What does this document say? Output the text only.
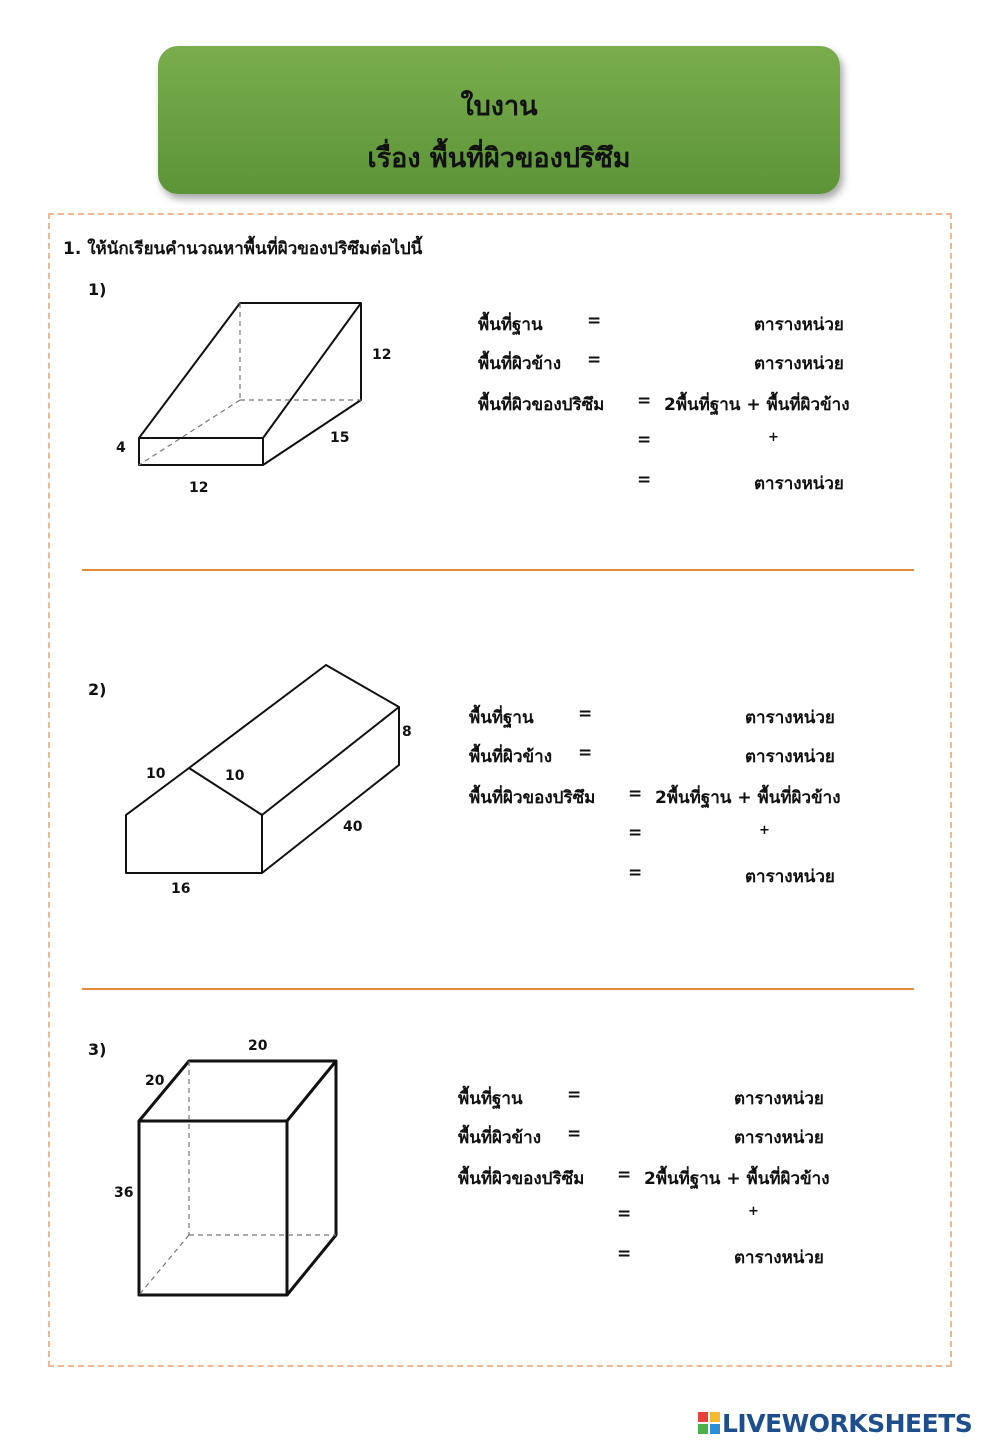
ใบงาน
เรื่อง พื้นที่ผิวของปริซึม
1. ให้นักเรียนคำนวณหาพื้นที่ผิวของปริซึมต่อไปนี้
1)
12
15
12
4
พื้นที่ฐาน	=	ตารางหน่วย
พื้นที่ผิวข้าง =	ตารางหน่วย
พื้นที่ผิวของปริซึม = 2พื้นที่ฐาน + พื้นที่ผิวข้าง
=	+
=	ตารางหน่วย
2)
10	10
8
40
16
พื้นที่ฐาน	=	ตารางหน่วย
พื้นที่ผิวข้าง =	ตารางหน่วย
พื้นที่ผิวของปริซึม = 2พื้นที่ฐาน + พื้นที่ผิวข้าง
=	+
=	ตารางหน่วย
3)	20
20
36
พื้นที่ฐาน	=	ตารางหน่วย
พื้นที่ผิวข้าง =	ตารางหน่วย
พื้นที่ผิวของปริซึม = 2พื้นที่ฐาน + พื้นที่ผิวข้าง
=	+
=	ตารางหน่วย
LIVEWORKSHEETS
